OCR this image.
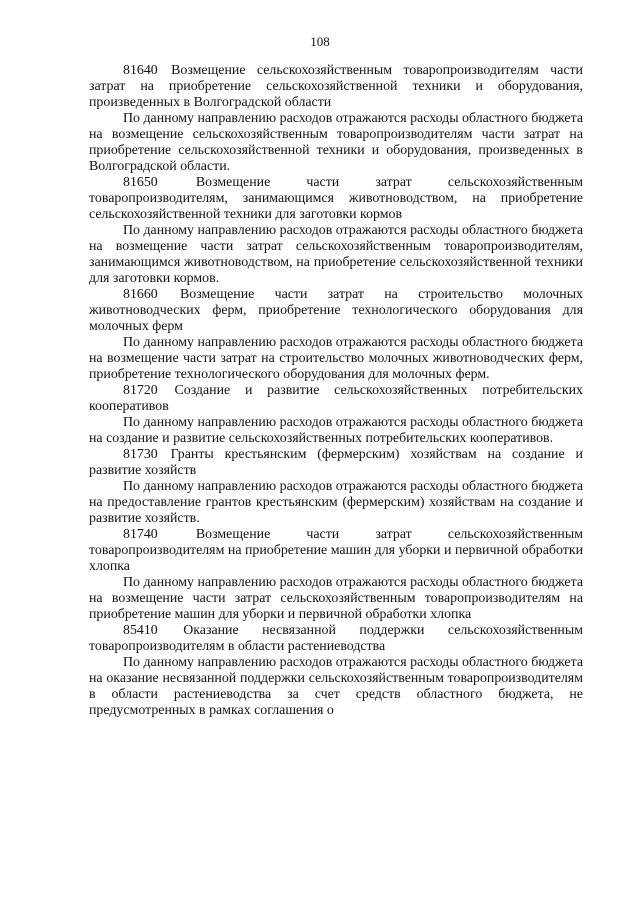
108

81640 Возмещение сельскохозяйственным товаропроизводителям части затрат на приобретение сельскохозяйственной техники и оборудования, произведенных в Волгоградской области

По данному направлению расходов отражаются расходы областного бюджета на возмещение сельскохозяйственным товаропроизводителям части затрат на приобретение сельскохозяйственной техники и оборудования, произведенных в Волгоградской области.

81650	Возмещение части затрат сельскохозяйственным товаропроизводителям, занимающимся животноводством, на приобретение сельскохозяйственной техники для заготовки кормов

По данному направлению расходов отражаются расходы областного бюджета на возмещение части затрат сельскохозяйственным товаропроизводителям, занимающимся животноводством, на приобретение сельскохозяйственной техники для заготовки кормов.

81660 Возмещение части затрат на строительство молочных животноводческих ферм, приобретение технологического оборудования для молочных ферм

По данному направлению расходов отражаются расходы областного бюджета на возмещение части затрат на строительство молочных животноводческих ферм, приобретение технологического оборудования для молочных ферм.

81720 Создание и развитие сельскохозяйственных потребительских кооперативов

По данному направлению расходов отражаются расходы областного бюджета на создание и развитие сельскохозяйственных потребительских кооперативов.

81730 Гранты крестьянским (фермерским) хозяйствам на создание и развитие хозяйств

По данному направлению расходов отражаются расходы областного бюджета на предоставление грантов крестьянским (фермерским) хозяйствам на создание и развитие хозяйств.

81740	Возмещение части затрат сельскохозяйственным товаропроизводителям на приобретение машин для уборки и первичной обработки хлопка

По данному направлению расходов отражаются расходы областного бюджета на возмещение части затрат сельскохозяйственным товаропроизводителям на приобретение машин для уборки и первичной обработки хлопка

85410 Оказание несвязанной поддержки сельскохозяйственным товаропроизводителям в области растениеводства

По данному направлению расходов отражаются расходы областного бюджета на оказание несвязанной поддержки сельскохозяйственным товаропроизводителям в области растениеводства за счет средств областного бюджета, не предусмотренных в рамках соглашения о
